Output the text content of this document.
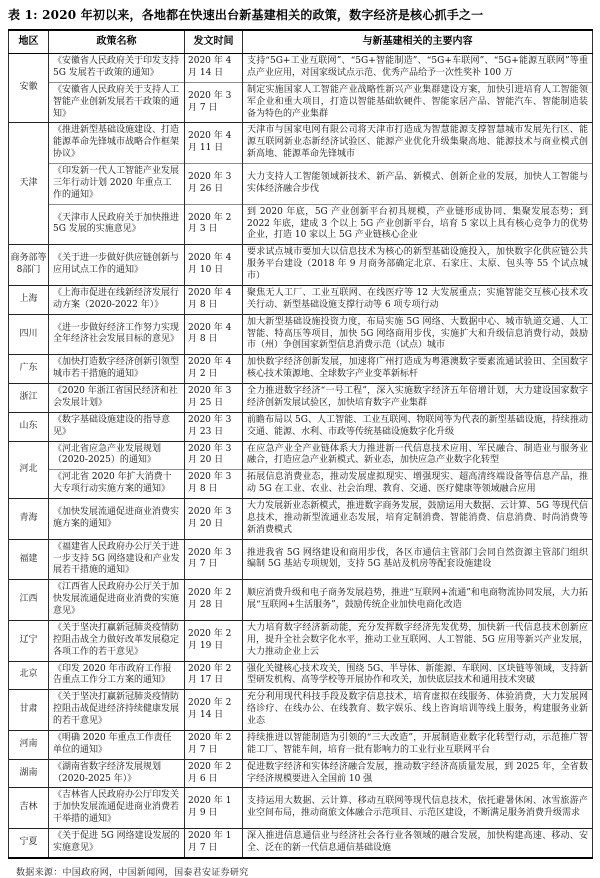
表 1: 2020 年初以来，各地都在快速出台新基建相关的政策，数字经济是核心抓手之一
地区	政策名称	发文时间	与新基建相关的主要内容
安徽	《安徽省人民政府关于印发支持 5G 发展若干政策的通知》	2020 年 4 月 14 日	支持“5G+工业互联网”、“5G+智能制造”、“5G+车联网”、“5G+能源互联网”等重点产业应用，对国家级试点示范、优秀产品给予一次性奖补 100 万
	《安徽省人民政府关于支持人工智能产业创新发展若干政策的通知》	2020 年 3 月 7 日	制定实施国家人工智能产业战略性新兴产业集群建设方案，加快引进培育人工智能领军企业和重大项目，打造以智能基础软硬件、智能家居产品、智能汽车、智能制造装备为特色的产业集群
天津	《推进新型基础设施建设、打造能源革命先锋城市战略合作框架协议》	2020 年 4 月 11 日	天津市与国家电网有限公司将天津市打造成为智慧能源支撑智慧城市发展先行区、能源互联网新业态新经济试验区、能源产业优化升级集聚高地、能源技术与商业模式创新高地、能源革命先锋城市
	《印发新一代人工智能产业发展三年行动计划 2020 年重点工作的通知》	2020 年 3 月 26 日	大力支持人工智能领域新技术、新产品、新模式、创新企业的发展，加快人工智能与实体经济融合步伐
	《天津市人民政府关于加快推进 5G 发展的实施意见》	2020 年 2 月 3 日	到 2020 年底，5G 产业创新平台初具规模，产业链形成协同、集聚发展态势；到 2022 年底，建成 3 个以上 5G 产业创新平台，培育 5 家以上具有核心竞争力的优势企业，打造 10 家以上 5G 产业链核心企业
商务部等8部门	《关于进一步做好供应链创新与应用试点工作的通知》	2020 年 4 月 10 日	要求试点城市要加大以信息技术为核心的新型基础设施投入，加快数字化供应链公共服务平台建设（2018 年 9 月商务部确定北京、石家庄、太原、包头等 55 个试点城市）
上海	《上海市促进在线新经济发展行动方案（2020-2022 年）》	2020 年 4 月 8 日	聚焦无人工厂、工业互联网、在线医疗等 12 大发展重点；实施智能交互核心技术攻关行动、新型基础设施支撑行动等 6 项专项行动
四川	《进一步做好经济工作努力实现全年经济社会发展目标的意见》	2020 年 4 月 8 日	加大新型基础设施投资力度，布局实施 5G 网络、大数据中心、城市轨道交通、人工智能、特高压等项目，加快 5G 网络商用步伐，实施扩大和升级信息消费行动，鼓励市（州）争创国家新型信息消费示范（试点）城市
广东	《加快打造数字经济创新引领型城市若干措施的通知》	2020 年 4 月 2 日	加快数字经济创新发展，加速将广州打造成为粤港澳数字要素流通试验田、全国数字核心技术策源地、全球数字产业变革新标杆
浙江	《2020 年浙江省国民经济和社会发展计划》	2020 年 3 月 25 日	全力推进数字经济“一号工程”，深入实施数字经济五年倍增计划，大力建设国家数字经济创新发展试验区，加快培育数字产业集群
山东	《数字基础设施建设的指导意见》	2020 年 3 月 23 日	前瞻布局以 5G、人工智能、工业互联网、物联网等为代表的新型基础设施，持续推动交通、能源、水利、市政等传统基础设施数字化升级
河北	《河北省应急产业发展规划（2020-2025）的通知》	2020 年 3 月 20 日	在应急产业全产业链体系大力推进新一代信息技术应用、军民融合、制造业与服务业融合，打造应急产业新模式、新业态，加快应急产业数字化转型
	《河北省 2020 年扩大消费十大专项行动实施方案的通知》	2020 年 3 月 8 日	拓展信息消费业态，推动发展虚拟现实、增强现实、超高清终端设备等信息产品，推动 5G 在工业、农业、社会治理、教育、交通、医疗健康等领域融合应用
青海	《加快发展流通促进商业消费实施方案的通知》	2020 年 3 月 20 日	大力发展新业态新模式，推进数字商务发展，鼓励运用大数据、云计算、5G 等现代信息技术，推动新型流通业态发展，培育定制消费、智能消费、信息消费、时尚消费等新消费模式
福建	《福建省人民政府办公厅关于进一步支持 5G 网络建设和产业发展若干措施的通知》	2020 年 3 月 7 日	推进我省 5G 网络建设和商用步伐，各区市通信主管部门会同自然资源主管部门组织编制 5G 基站专项规划，支持 5G 基站及机房等配套设施建设
江西	《江西省人民政府办公厅关于加快发展流通促进商业消费的实施意见》	2020 年 2 月 28 日	顺应消费升级和电子商务发展趋势，推进“互联网+流通”和电商物流协同发展，大力拓展“互联网+生活服务”，鼓励传统企业加快电商化改造
辽宁	《关于坚决打赢新冠肺炎疫情防控阻击战全力做好改革发展稳定各项工作的若干意见》	2020 年 2 月 19 日	大力培育数字经济新动能，充分发挥数字经济先发优势，加快新一代信息技术创新应用，提升全社会数字化水平，推动工业互联网、人工智能、5G 应用等新兴产业发展，大力推动企业上云
北京	《印发 2020 年市政府工作报告重点工作分工方案的通知》	2020 年 2 月 17 日	强化关键核心技术攻关，围绕 5G、半导体、新能源、车联网、区块链等领域，支持新型研发机构、高等学校等开展协作和攻关，加快底层技术和通用技术突破
甘肃	《关于坚决打赢新冠肺炎疫情防控阻击战促进经济持续健康发展的若干意见》	2020 年 2 月 14 日	充分利用现代科技手段及数字信息技术，培育虚拟在线服务、体验消费，大力发展网络诊疗、在线办公、在线教育、数字娱乐、线上咨询培训等线上服务，构建服务业新业态
河南	《明确 2020 年重点工作责任单位的通知》	2020 年 2 月 7 日	持续推进以智能制造为引领的“三大改造”，开展制造业数字化转型行动，示范推广智能工厂、智能车间，培育一批有影响力的工业行业互联网平台
湖南	《湖南省数字经济发展规划（2020-2025 年）》	2020 年 2 月 6 日	促进数字经济和实体经济融合发展，推动数字经济高质量发展，到 2025 年，全省数字经济规模要进入全国前 10 强
吉林	《吉林省人民政府办公厅印发关于加快发展流通促进商业消费若干举措的通知》	2020 年 1 月 9 日	支持运用大数据、云计算、移动互联网等现代信息技术，依托避暑休闲、冰雪旅游产业空间布局，推动商旅文体融合示范项目、示范区建设，不断满足服务消费升级需求
宁夏	《关于促进 5G 网络建设发展的实施意见》	2020 年 1 月 7 日	深入推进信息通信业与经济社会各行业各领域的融合发展，加快构建高速、移动、安全、泛在的新一代信息通信基础设施
数据来源：中国政府网，中国新闻网，国泰君安证券研究
